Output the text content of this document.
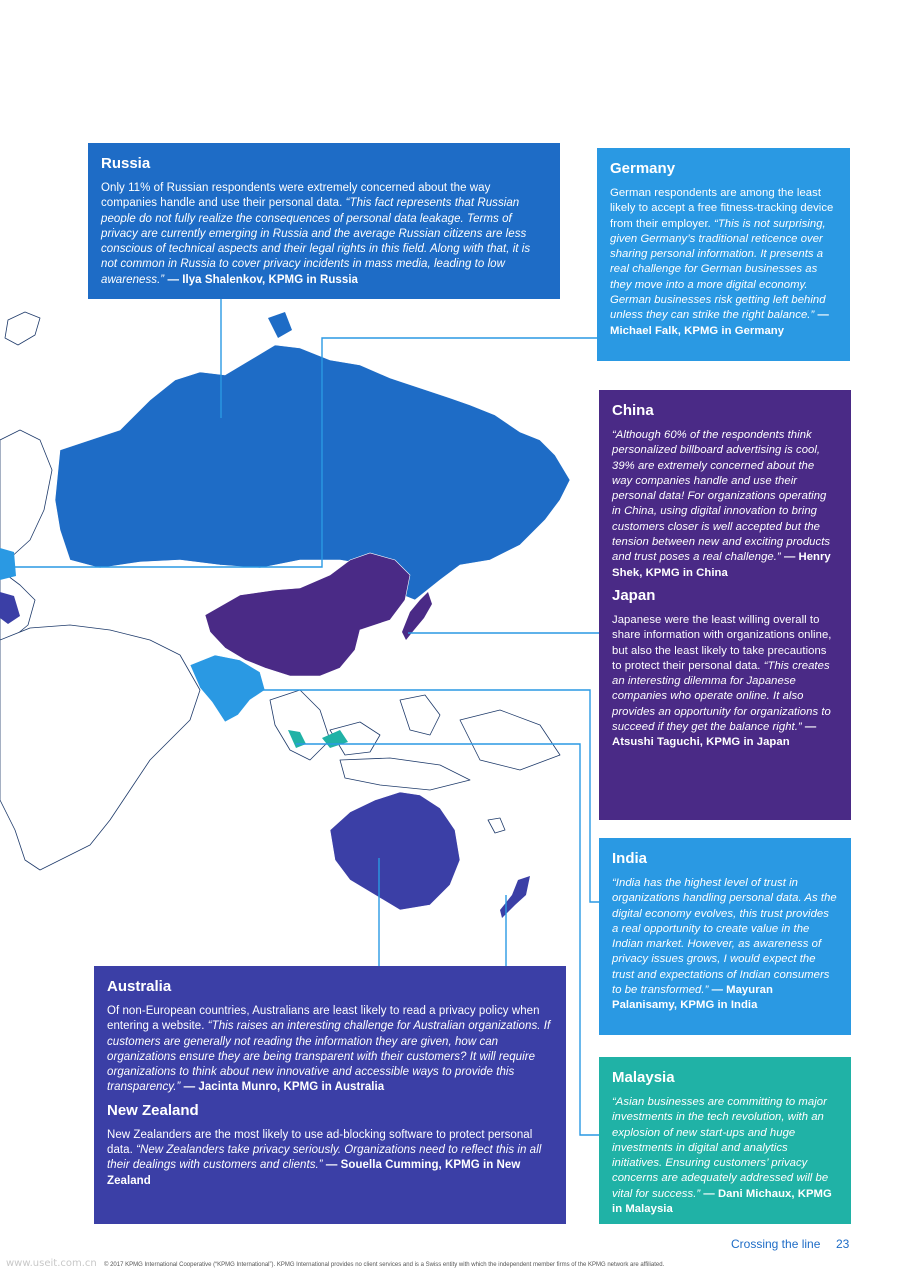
Russia

Only 11% of Russian respondents were extremely concerned about the way companies handle and use their personal data. “This fact represents that Russian people do not fully realize the consequences of personal data leakage. Terms of privacy are currently emerging in Russia and the average Russian citizens are less conscious of technical aspects and their legal rights in this field. Along with that, it is not common in Russia to cover privacy incidents in mass media, leading to low awareness.” — Ilya Shalenkov, KPMG in Russia

Germany

German respondents are among the least likely to accept a free fitness-tracking device from their employer. “This is not surprising, given Germany’s traditional reticence over sharing personal information. It presents a real challenge for German businesses as they move into a more digital economy. German businesses risk getting left behind unless they can strike the right balance.” — Michael Falk, KPMG in Germany

China

“Although 60% of the respondents think personalized billboard advertising is cool, 39% are extremely concerned about the way companies handle and use their personal data! For organizations operating in China, using digital innovation to bring customers closer is well accepted but the tension between new and exciting products and trust poses a real challenge.” — Henry Shek, KPMG in China

Japan

Japanese were the least willing overall to share information with organizations online, but also the least likely to take precautions to protect their personal data. “This creates an interesting dilemma for Japanese companies who operate online. It also provides an opportunity for organizations to succeed if they get the balance right.” — Atsushi Taguchi, KPMG in Japan

India

“India has the highest level of trust in organizations handling personal data. As the digital economy evolves, this trust provides a real opportunity to create value in the Indian market. However, as awareness of privacy issues grows, I would expect the trust and expectations of Indian consumers to be transformed.” — Mayuran Palanisamy, KPMG in India

Malaysia

“Asian businesses are committing to major investments in the tech revolution, with an explosion of new start-ups and huge investments in digital and analytics initiatives. Ensuring customers’ privacy concerns are adequately addressed will be vital for success.” — Dani Michaux, KPMG in Malaysia

Australia

Of non-European countries, Australians are least likely to read a privacy policy when entering a website. “This raises an interesting challenge for Australian organizations. If customers are generally not reading the information they are given, how can organizations ensure they are being transparent with their customers? It will require organizations to think about new innovative and accessible ways to provide this transparency.” — Jacinta Munro, KPMG in Australia

New Zealand

New Zealanders are the most likely to use ad-blocking software to protect personal data. “New Zealanders take privacy seriously. Organizations need to reflect this in all their dealings with customers and clients.” — Souella Cumming, KPMG in New Zealand

www.useit.com.cn © 2017 KPMG International Cooperative (“KPMG International”). KPMG International provides no client services and is a Swiss entity with which the independent member firms of the KPMG network are affiliated.
Crossing the line 23
